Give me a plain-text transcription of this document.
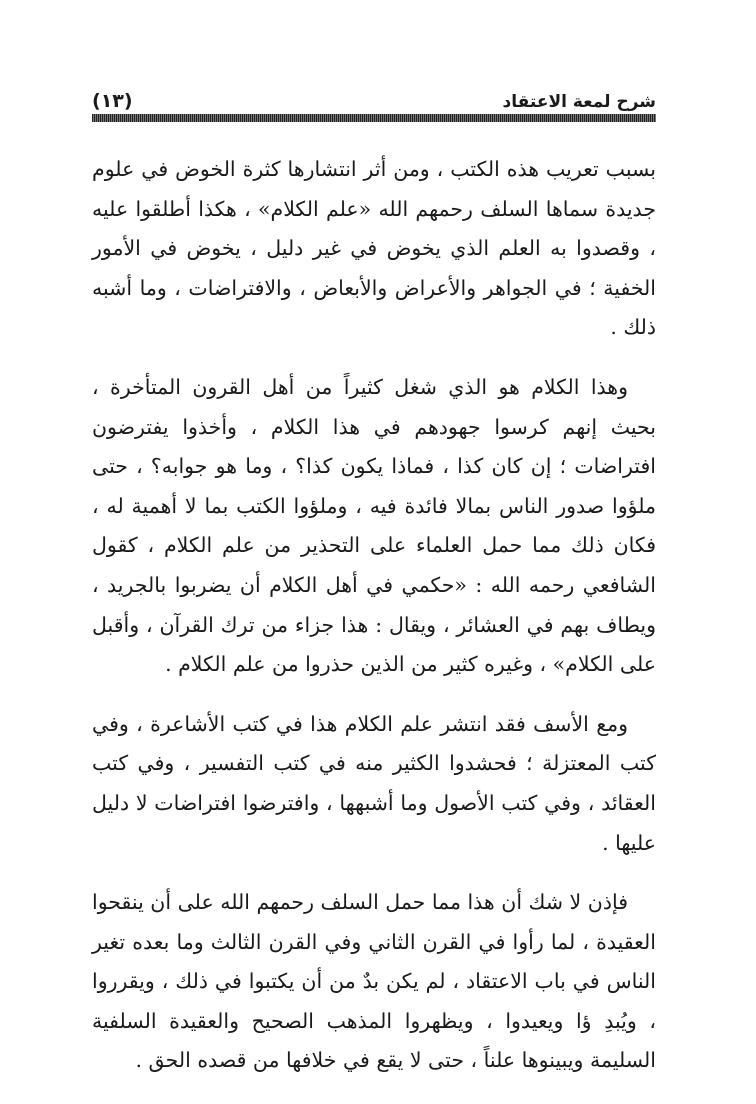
شرح لمعة الاعتقاد
(١٣)

بسبب تعريب هذه الكتب ، ومن أثر انتشارها كثرة الخوض في علوم جديدة سماها السلف رحمهم الله «علم الكلام» ، هكذا أطلقوا عليه ، وقصدوا به العلم الذي يخوض في غير دليل ، يخوض في الأمور الخفية ؛ في الجواهر والأعراض والأبعاض ، والافتراضات ، وما أشبه ذلك .

وهذا الكلام هو الذي شغل كثيراً من أهل القرون المتأخرة ، بحيث إنهم كرسوا جهودهم في هذا الكلام ، وأخذوا يفترضون افتراضات ؛ إن كان كذا ، فماذا يكون كذا؟ ، وما هو جوابه؟ ، حتى ملؤوا صدور الناس بمالا فائدة فيه ، وملؤوا الكتب بما لا أهمية له ، فكان ذلك مما حمل العلماء على التحذير من علم الكلام ، كقول الشافعي رحمه الله : «حكمي في أهل الكلام أن يضربوا بالجريد ، ويطاف بهم في العشائر ، ويقال : هذا جزاء من ترك القرآن ، وأقبل على الكلام» ، وغيره كثير من الذين حذروا من علم الكلام .

ومع الأسف فقد انتشر علم الكلام هذا في كتب الأشاعرة ، وفي كتب المعتزلة ؛ فحشدوا الكثير منه في كتب التفسير ، وفي كتب العقائد ، وفي كتب الأصول وما أشبهها ، وافترضوا افتراضات لا دليل عليها .

فإذن لا شك أن هذا مما حمل السلف رحمهم الله على أن ينقحوا العقيدة ، لما رأوا في القرن الثاني وفي القرن الثالث وما بعده تغير الناس في باب الاعتقاد ، لم يكن بدٌ من أن يكتبوا في ذلك ، ويقرروا ، ويُبدِ ؤا ويعيدوا ، ويظهروا المذهب الصحيح والعقيدة السلفية السليمة ويبينوها علناً ، حتى لا يقع في خلافها من قصده الحق .
